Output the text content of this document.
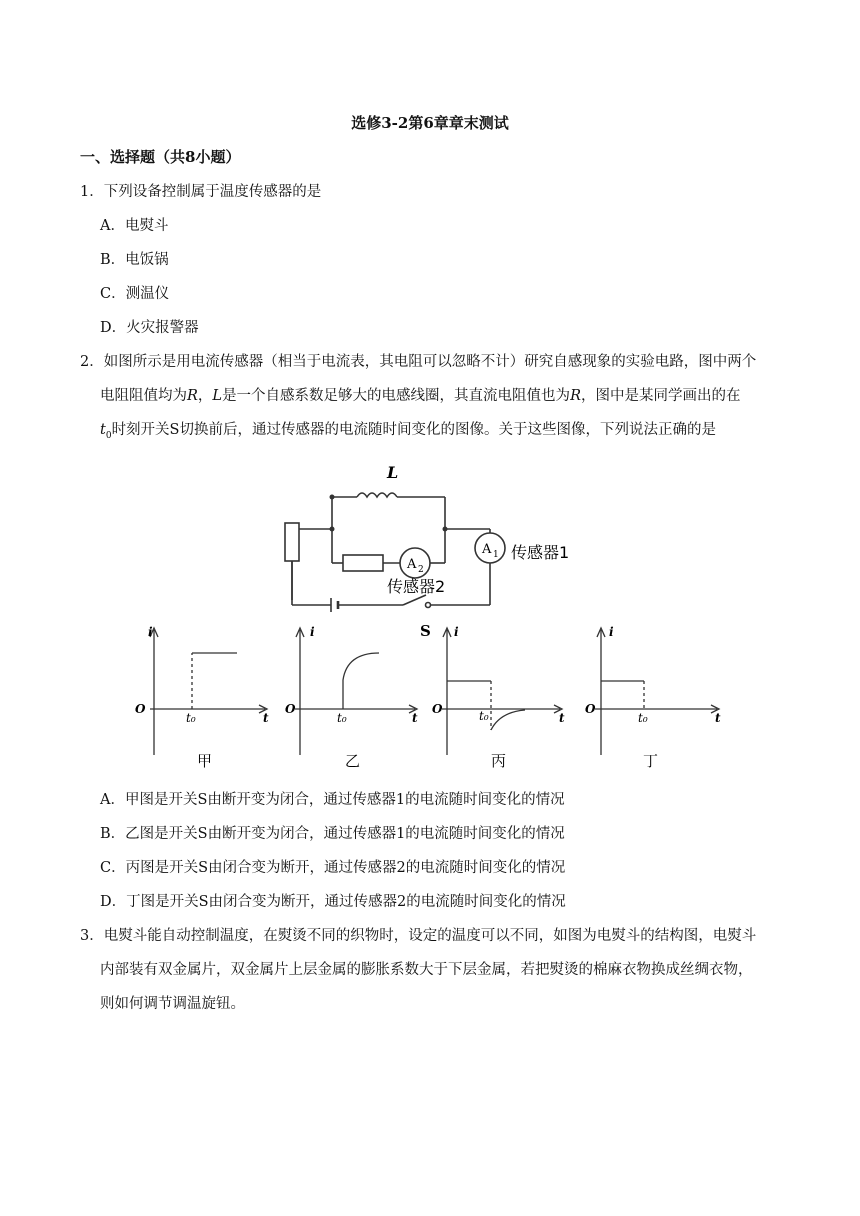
选修3-2第6章章末测试
一、选择题（共8小题）
1．下列设备控制属于温度传感器的是
A．电熨斗
B．电饭锅
C．测温仪
D．火灾报警器
2．如图所示是用电流传感器（相当于电流表，其电阻可以忽略不计）研究自感现象的实验电路，图中两个
电阻阻值均为R，L是一个自感系数足够大的电感线圈，其直流电阻值也为R，图中是某同学画出的在
$t_0$时刻开关S切换前后，通过传感器的电流随时间变化的图像。关于这些图像，下列说法正确的是
L
A 2
A 1
传感器2
传感器1
S
i
O
t₀	t
i
O
t₀	t
i
O	t₀	t
i
O
t₀	t
甲	乙	丙	丁
A．甲图是开关S由断开变为闭合，通过传感器1的电流随时间变化的情况
B．乙图是开关S由断开变为闭合，通过传感器1的电流随时间变化的情况
C．丙图是开关S由闭合变为断开，通过传感器2的电流随时间变化的情况
D．丁图是开关S由闭合变为断开，通过传感器2的电流随时间变化的情况
3．电熨斗能自动控制温度，在熨烫不同的织物时，设定的温度可以不同，如图为电熨斗的结构图，电熨斗
内部装有双金属片，双金属片上层金属的膨胀系数大于下层金属，若把熨烫的棉麻衣物换成丝绸衣物，
则如何调节调温旋钮。
